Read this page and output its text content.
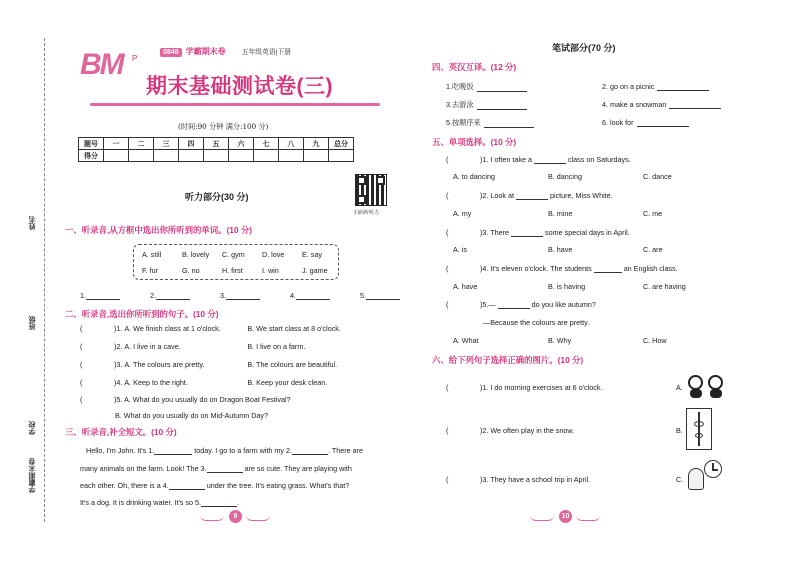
学霸期末卷
学校
班级
姓名
BM P
0848 学霸期末卷 五年级英语|下册
期末基础测试卷(三)
(时间:90 分钟 满分:100 分)
题号	一	二	三	四	五	六	七	八	九	总分
得分										
听力部分(30 分)
扫码听听力
一、听录音,从方框中选出你所听到的单词。(10 分)
A. still	B. lovely C. gym D. love E. say
F. fur	G. no	H. first	I. win	J. game
1.	2.	3.	4.	5.
二、听录音,选出你所听到的句子。(10 分)
(	)1. A. We finish class at 1 o'clock.	B. We start class at 8 o'clock.
(	)2. A. I live in a cave.	B. I live on a farm.
(	)3. A. The colours are pretty.	B. The colours are beautiful.
(	)4. A. Keep to the right.	B. Keep your desk clean.
(	)5. A. What do you usually do on Dragon Boat Festival?
B. What do you usually do on Mid-Autumn Day?
三、听录音,补全短文。(10 分)
Hello, I'm John. It's 1.	today. I go to a farm with my 2.	. There are
many animals on the farm. Look! The 3.	are so cute. They are playing with
each other. Oh, there is a 4.	under the tree. It's eating grass. What's that?
It's a dog. It is drinking water. It's so 5.	.
9
笔试部分(70 分)
四、英汉互译。(12 分)
1.吃晚饭	2. go on a picnic
3.去游泳	4. make a snowman
5.按顺序来	6. look for
五、单项选择。(10 分)
(	)1. I often take a	class on Saturdays.
A. to dancing	B. dancing	C. dance
(	)2. Look at	picture, Miss White.
A. my	B. mine	C. me
(	)3. There	some special days in April.
A. is	B. have	C. are
(	)4. It's eleven o'clock. The students	an English class.
A. have	B. is having	C. are having
(	)5.—	do you like autumn?
—Because the colours are pretty.
A. What	B. Why	C. How
六、给下列句子选择正确的图片。(10 分)
(	)1. I do morning exercises at 6 o'clock.	A.
(	)2. We often play in the snow.	B.
(	)3. They have a school trip in April.	C.
10
